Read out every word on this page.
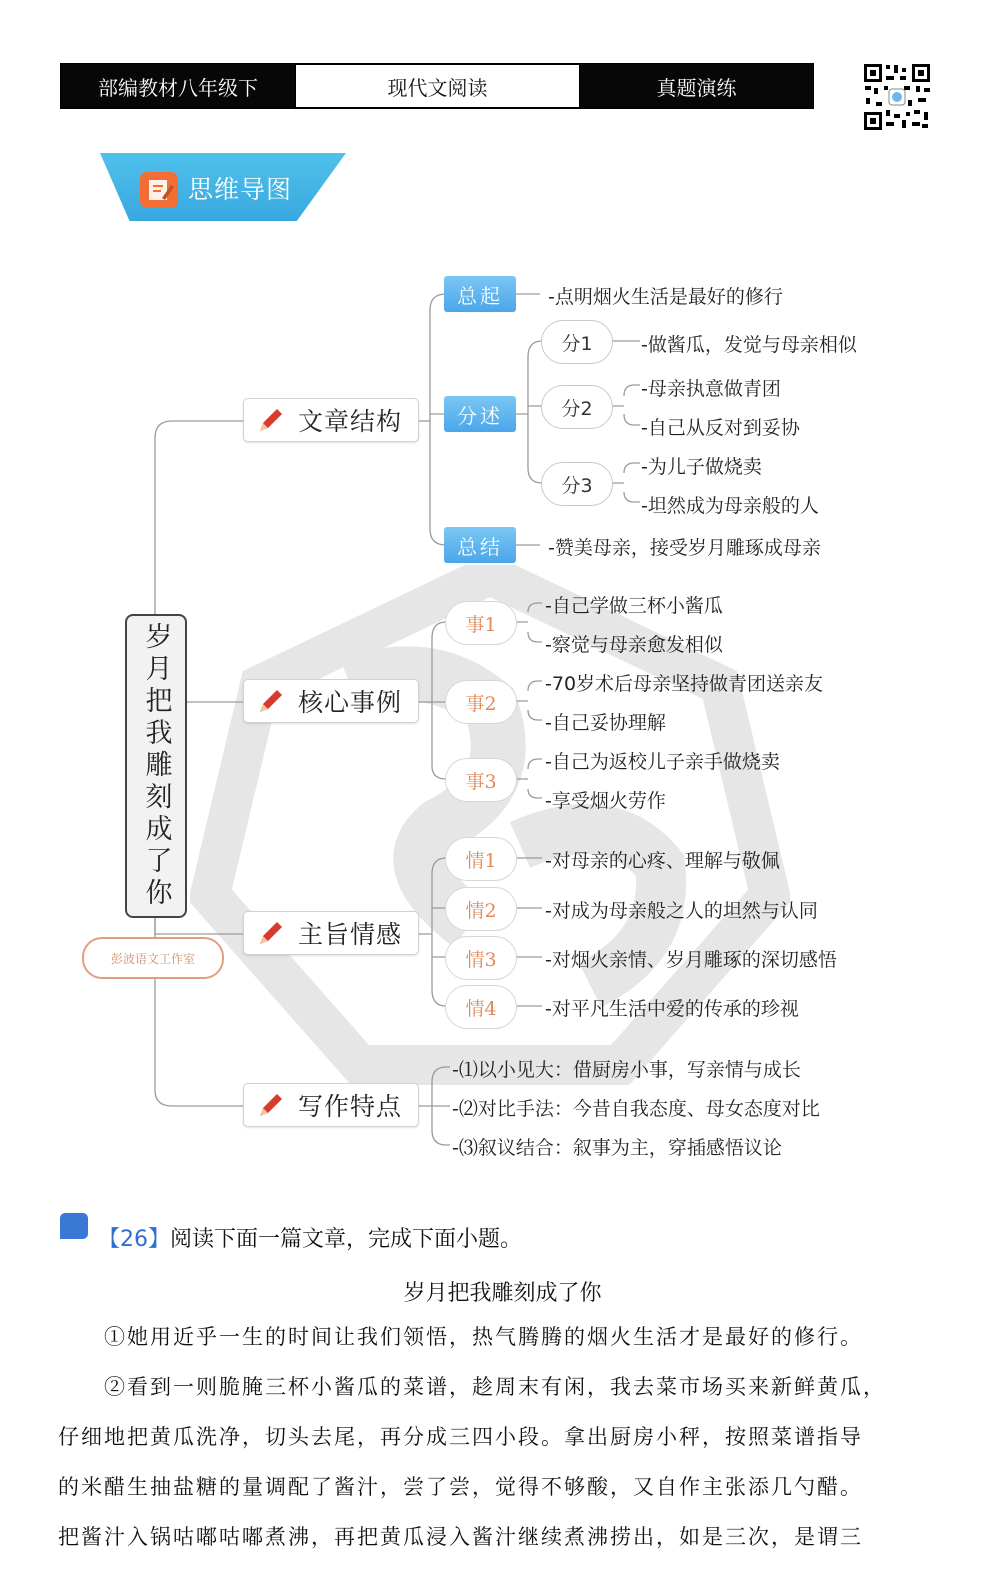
部编教材八年级下	现代文阅读	真题演练
思维导图
岁月把我雕刻成了你
彭波语文工作室
文章结构
核心事例
主旨情感
写作特点
总起	-点明烟火生活是最好的修行
分述
分1	-做酱瓜，发觉与母亲相似
分2
-母亲执意做青团
-自己从反对到妥协
分3
-为儿子做烧卖
-坦然成为母亲般的人
总结	-赞美母亲，接受岁月雕琢成母亲
事1
-自己学做三杯小酱瓜
-察觉与母亲愈发相似
事2
-70岁术后母亲坚持做青团送亲友
-自己妥协理解
事3
-自己为返校儿子亲手做烧卖
-享受烟火劳作
情1	-对母亲的心疼、理解与敬佩
情2	-对成为母亲般之人的坦然与认同
情3	-对烟火亲情、岁月雕琢的深切感悟
情4	-对平凡生活中爱的传承的珍视
-⑴以小见大：借厨房小事，写亲情与成长
-⑵对比手法：今昔自我态度、母女态度对比
-⑶叙议结合：叙事为主，穿插感悟议论
【26】阅读下面一篇文章，完成下面小题。
岁月把我雕刻成了你
①她用近乎一生的时间让我们领悟，热气腾腾的烟火生活才是最好的修行。
②看到一则脆腌三杯小酱瓜的菜谱，趁周末有闲，我去菜市场买来新鲜黄瓜，
仔细地把黄瓜洗净，切头去尾，再分成三四小段。拿出厨房小秤，按照菜谱指导
的米醋生抽盐糖的量调配了酱汁，尝了尝，觉得不够酸，又自作主张添几勺醋。
把酱汁入锅咕嘟咕嘟煮沸，再把黄瓜浸入酱汁继续煮沸捞出，如是三次，是谓三
